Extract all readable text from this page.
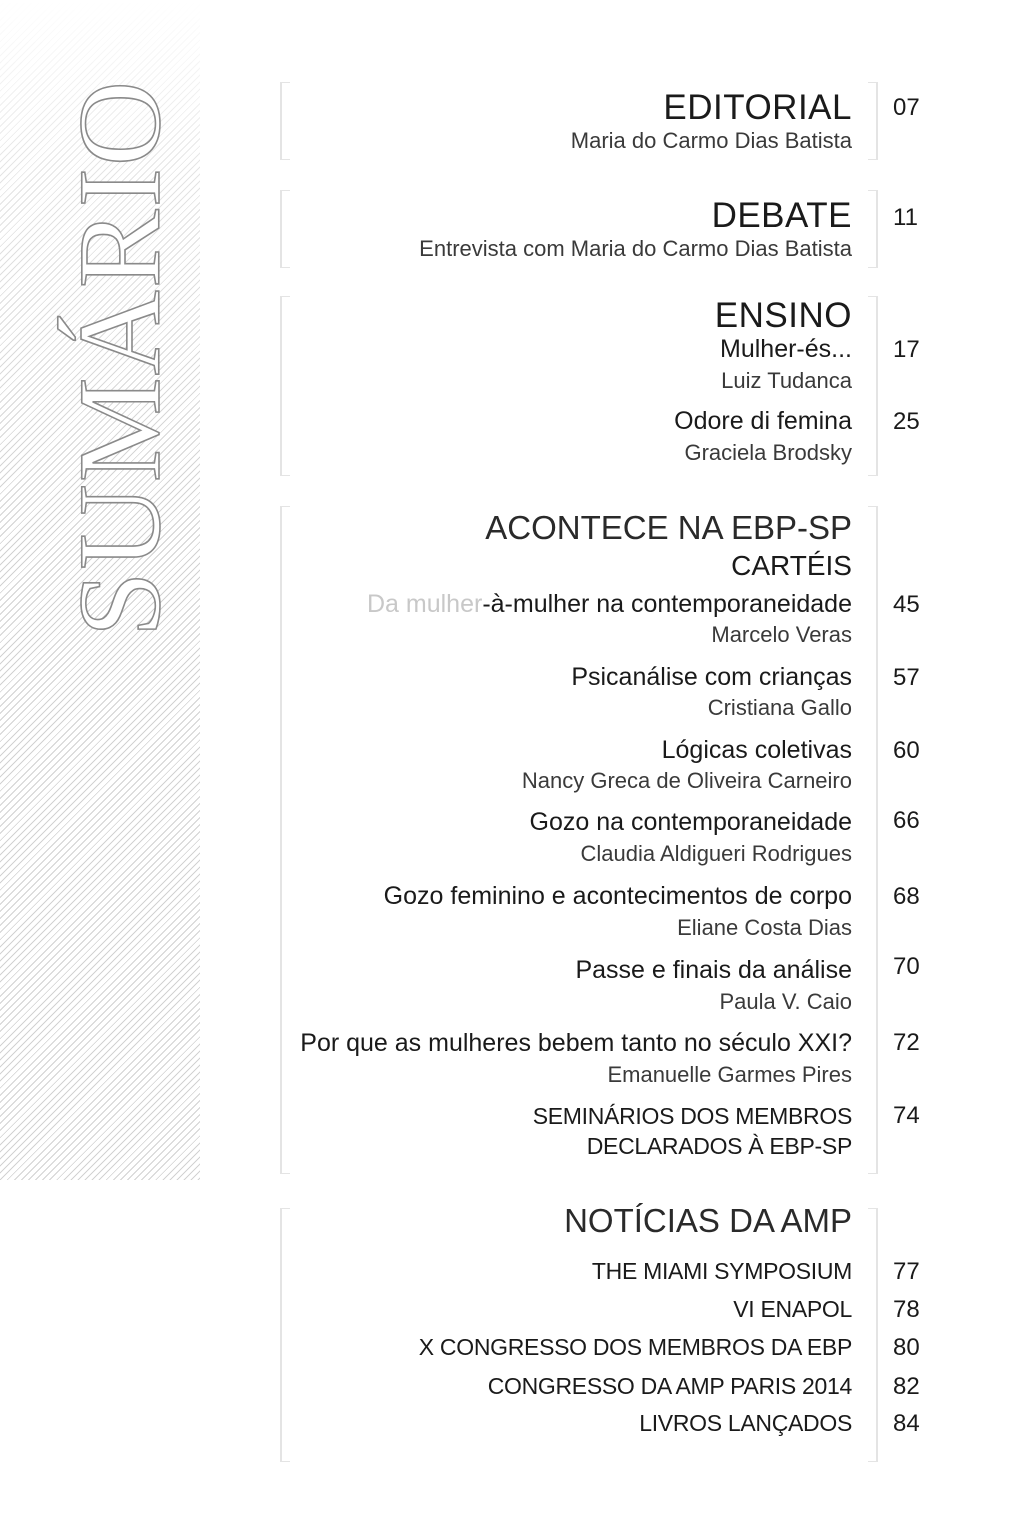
SUMÁRIO	EDITORIAL
Maria do Carmo Dias Batista
07
DEBATE
Entrevista com Maria do Carmo Dias Batista
11
ENSINO
Mulher-és...
Luiz Tudanca
17
Odore di femina
Graciela Brodsky
25
ACONTECE NA EBP-SP
CARTÉIS
Da mulher-à-mulher na contemporaneidade
Marcelo Veras
45
Psicanálise com crianças
Cristiana Gallo
57
Lógicas coletivas
Nancy Greca de Oliveira Carneiro
60
Gozo na contemporaneidade
Claudia Aldigueri Rodrigues
66
Gozo feminino e acontecimentos de corpo
Eliane Costa Dias
68
Passe e finais da análise
Paula V. Caio
70
Por que as mulheres bebem tanto no século XXI?
Emanuelle Garmes Pires
72
SEMINÁRIOS DOS MEMBROS
DECLARADOS À EBP-SP
74
NOTÍCIAS DA AMP
THE MIAMI SYMPOSIUM 77
VI ENAPOL 78
X CONGRESSO DOS MEMBROS DA EBP 80
CONGRESSO DA AMP PARIS 2014 82
LIVROS LANÇADOS 84
